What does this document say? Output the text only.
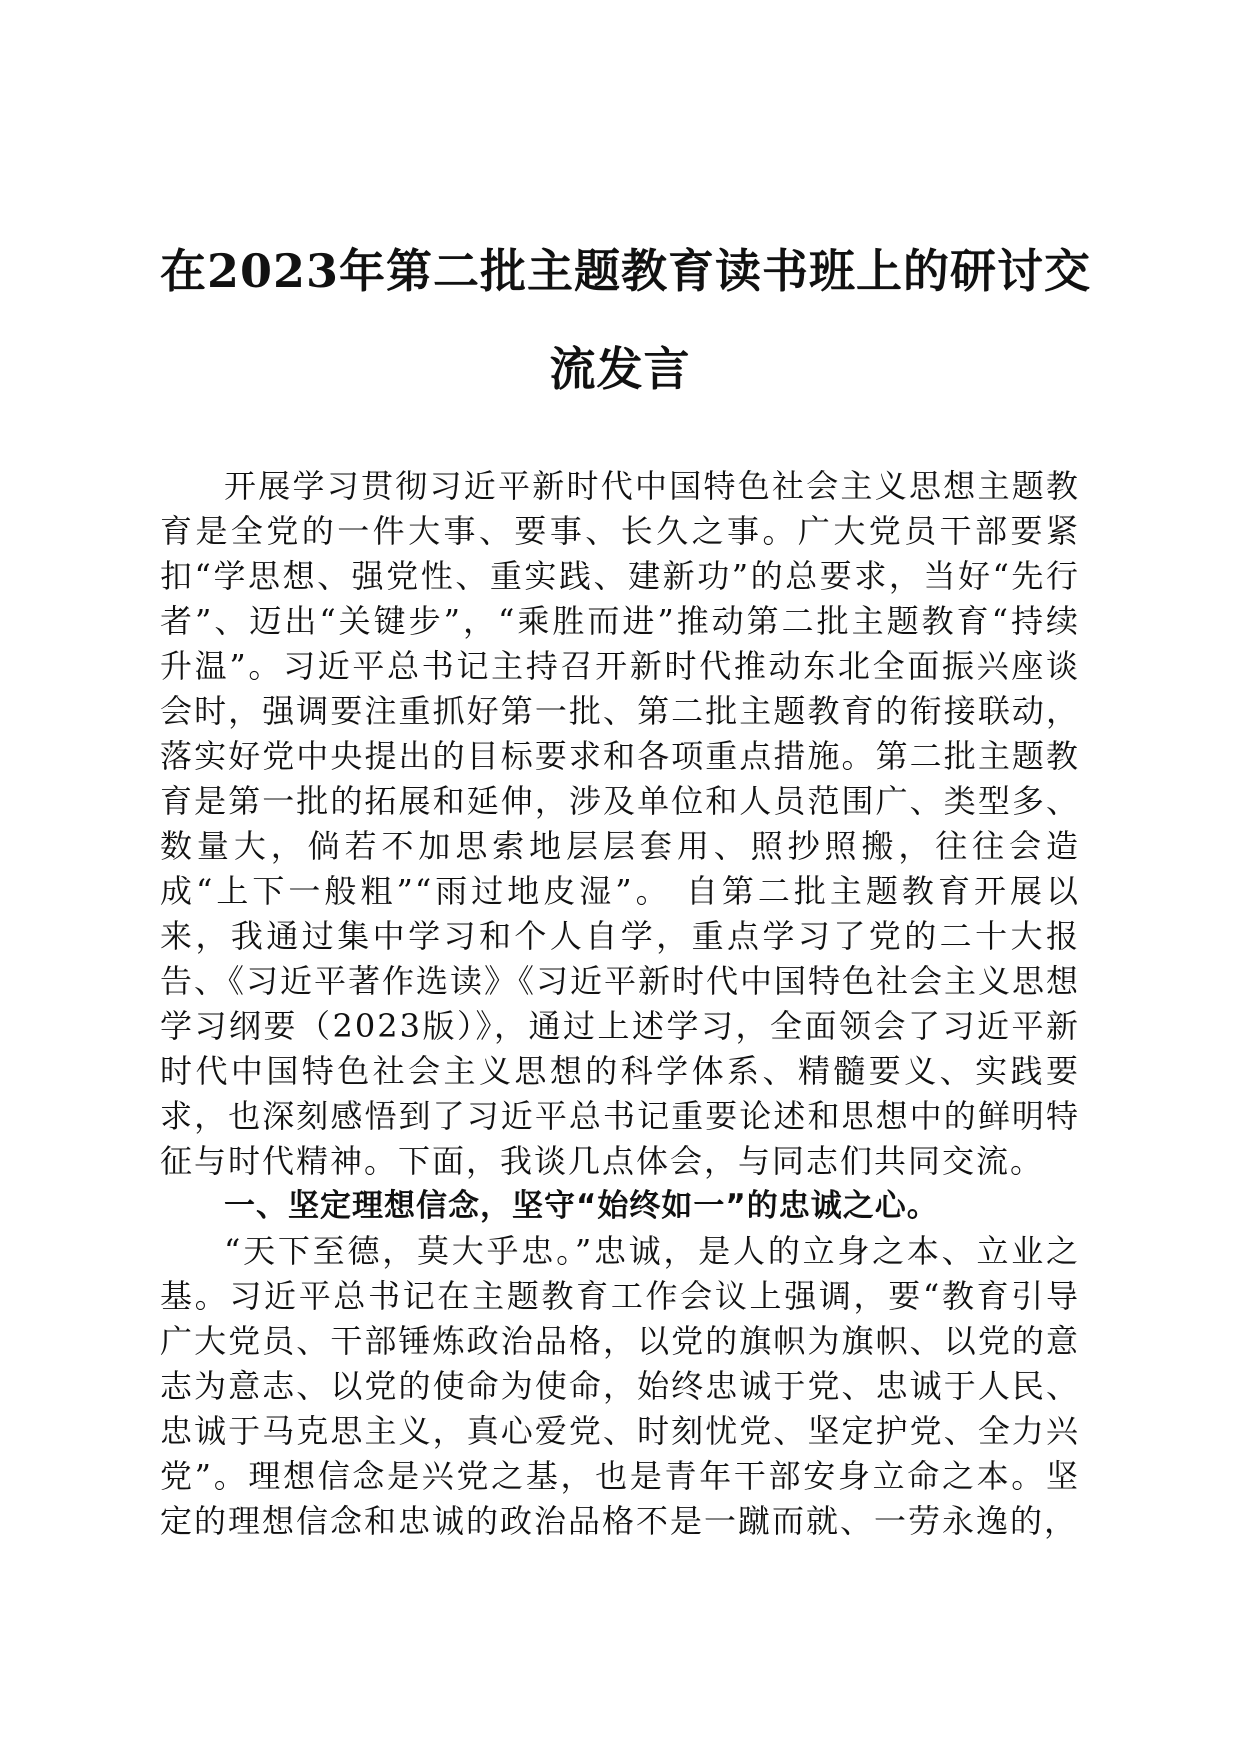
在2023年第二批主题教育读书班上的研讨交
流发言

开展学习贯彻习近平新时代中国特色社会主义思想主题教育是全党的一件大事、要事、长久之事。广大党员干部要紧扣“学思想、强党性、重实践、建新功”的总要求，当好“先行者”、迈出“关键步”，“乘胜而进”推动第二批主题教育“持续升温”。习近平总书记主持召开新时代推动东北全面振兴座谈会时，强调要注重抓好第一批、第二批主题教育的衔接联动，落实好党中央提出的目标要求和各项重点措施。第二批主题教育是第一批的拓展和延伸，涉及单位和人员范围广、类型多、数量大，倘若不加思索地层层套用、照抄照搬，往往会造成“上下一般粗”“雨过地皮湿”。 自第二批主题教育开展以来，我通过集中学习和个人自学，重点学习了党的二十大报告、《习近平著作选读》《习近平新时代中国特色社会主义思想学习纲要（2023版）》，通过上述学习，全面领会了习近平新时代中国特色社会主义思想的科学体系、精髓要义、实践要求，也深刻感悟到了习近平总书记重要论述和思想中的鲜明特征与时代精神。下面，我谈几点体会，与同志们共同交流。

一、坚定理想信念，坚守“始终如一”的忠诚之心。

“天下至德，莫大乎忠。”忠诚，是人的立身之本、立业之基。习近平总书记在主题教育工作会议上强调，要“教育引导广大党员、干部锤炼政治品格，以党的旗帜为旗帜、以党的意志为意志、以党的使命为使命，始终忠诚于党、忠诚于人民、忠诚于马克思主义，真心爱党、时刻忧党、坚定护党、全力兴党”。理想信念是兴党之基，也是青年干部安身立命之本。坚定的理想信念和忠诚的政治品格不是一蹴而就、一劳永逸的，
